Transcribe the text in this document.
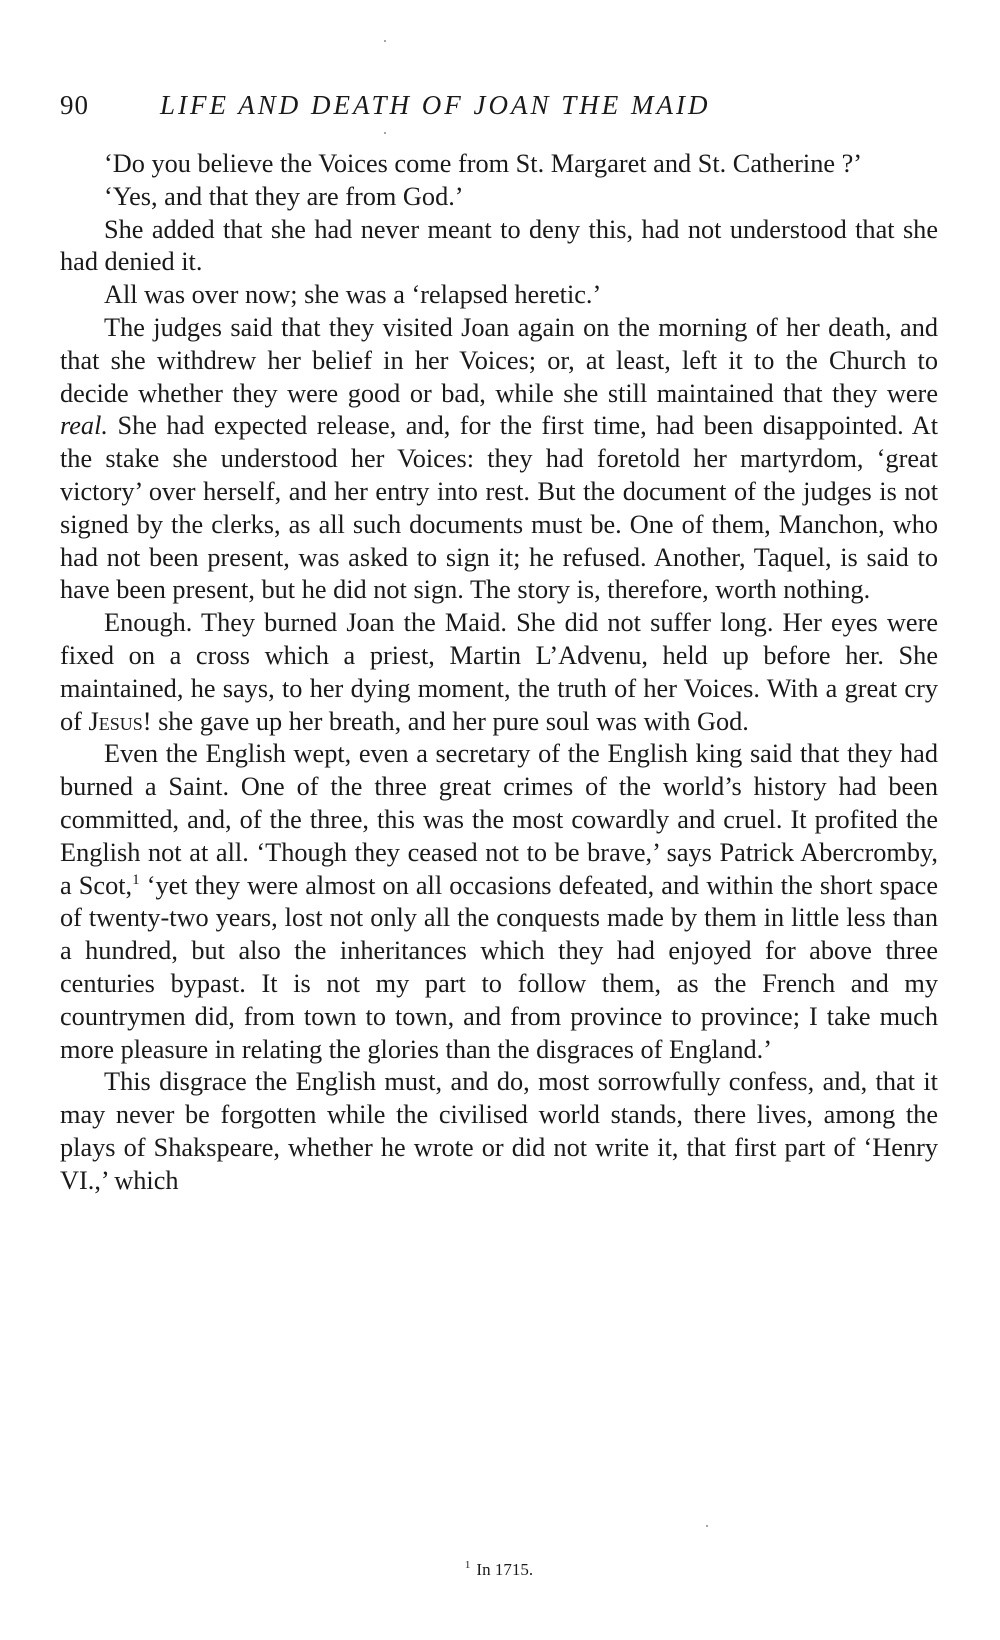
90	LIFE AND DEATH OF JOAN THE MAID

‘Do you believe the Voices come from St. Margaret and St. Catherine ?’

‘Yes, and that they are from God.’

She added that she had never meant to deny this, had not understood that she had denied it.

All was over now; she was a ‘relapsed heretic.’

The judges said that they visited Joan again on the morning of her death, and that she withdrew her belief in her Voices; or, at least, left it to the Church to decide whether they were good or bad, while she still maintained that they were real. She had expected release, and, for the first time, had been disappointed. At the stake she understood her Voices: they had foretold her martyrdom, ‘great victory’ over herself, and her entry into rest. But the document of the judges is not signed by the clerks, as all such documents must be. One of them, Manchon, who had not been present, was asked to sign it; he refused. Another, Taquel, is said to have been present, but he did not sign. The story is, therefore, worth nothing.

Enough. They burned Joan the Maid. She did not suffer long. Her eyes were fixed on a cross which a priest, Martin L’Advenu, held up before her. She maintained, he says, to her dying moment, the truth of her Voices. With a great cry of Jesus! she gave up her breath, and her pure soul was with God.

Even the English wept, even a secretary of the English king said that they had burned a Saint. One of the three great crimes of the world’s history had been committed, and, of the three, this was the most cowardly and cruel. It profited the English not at all. ‘Though they ceased not to be brave,’ says Patrick Abercromby, a Scot,$^1$ ‘yet they were almost on all occasions defeated, and within the short space of twenty-two years, lost not only all the conquests made by them in little less than a hundred, but also the inheritances which they had enjoyed for above three centuries bypast. It is not my part to follow them, as the French and my countrymen did, from town to town, and from province to province; I take much more pleasure in relating the glories than the disgraces of England.’

This disgrace the English must, and do, most sorrowfully confess, and, that it may never be forgotten while the civilised world stands, there lives, among the plays of Shakspeare, whether he wrote or did not write it, that first part of ‘Henry VI.,’ which

$^1$ In 1715.
